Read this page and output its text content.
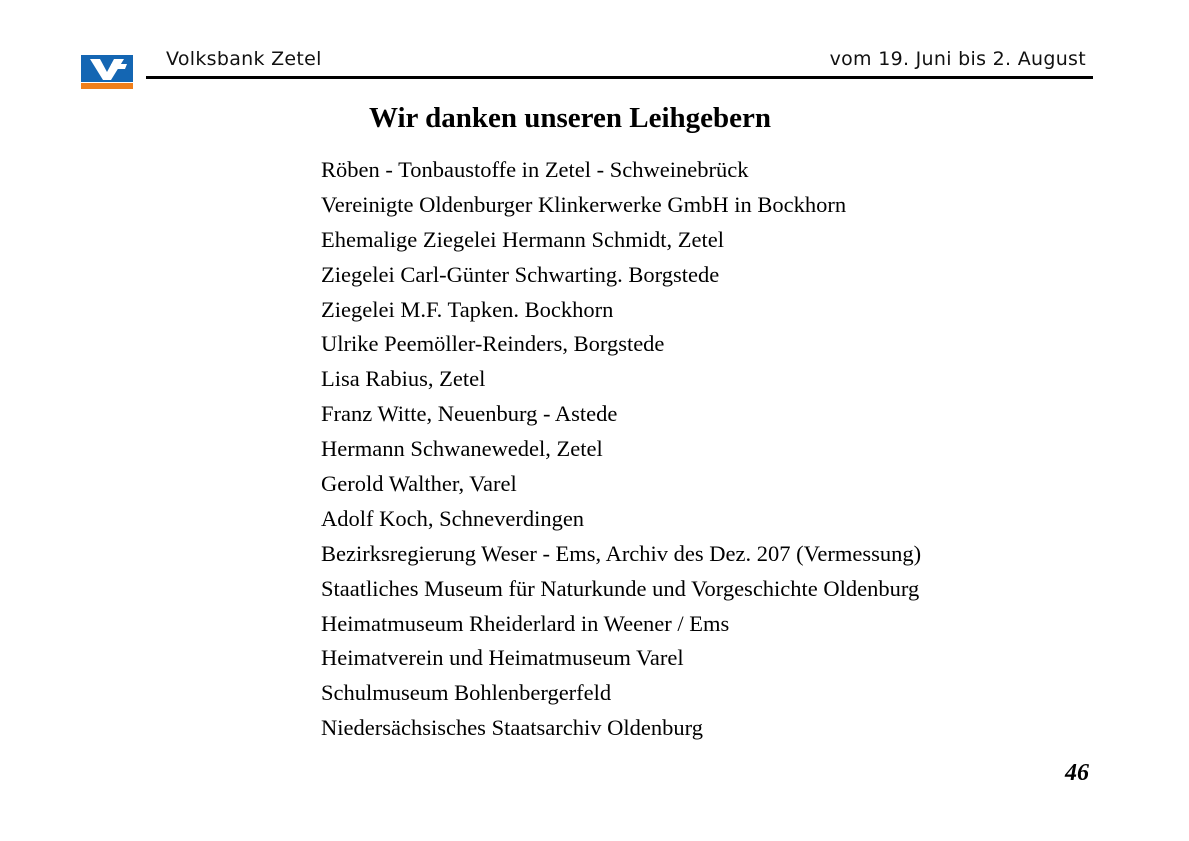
Volksbank Zetel	vom 19. Juni bis 2. August
Wir danken unseren Leihgebern
Röben - Tonbaustoffe in Zetel - Schweinebrück
Vereinigte Oldenburger Klinkerwerke GmbH in Bockhorn
Ehemalige Ziegelei Hermann Schmidt, Zetel
Ziegelei Carl-Günter Schwarting. Borgstede
Ziegelei M.F. Tapken. Bockhorn
Ulrike Peemöller-Reinders, Borgstede
Lisa Rabius, Zetel
Franz Witte, Neuenburg - Astede
Hermann Schwanewedel, Zetel
Gerold Walther, Varel
Adolf Koch, Schneverdingen
Bezirksregierung Weser - Ems, Archiv des Dez. 207 (Vermessung)
Staatliches Museum für Naturkunde und Vorgeschichte Oldenburg
Heimatmuseum Rheiderlard in Weener / Ems
Heimatverein und Heimatmuseum Varel
Schulmuseum Bohlenbergerfeld
Niedersächsisches Staatsarchiv Oldenburg
46
